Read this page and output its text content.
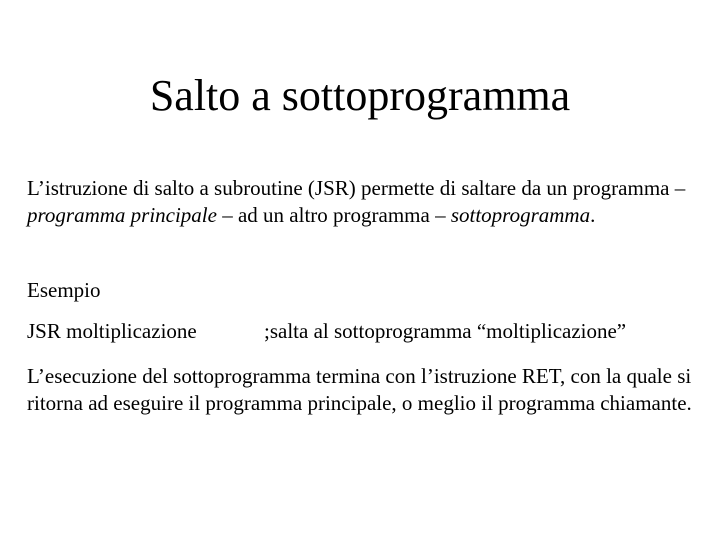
Salto a sottoprogramma

L’istruzione di salto a subroutine (JSR) permette di saltare da un programma – programma principale – ad un altro programma – sottoprogramma.

Esempio

JSR moltiplicazione	;salta al sottoprogramma “moltiplicazione”

L’esecuzione del sottoprogramma termina con l’istruzione RET, con la quale si ritorna ad eseguire il programma principale, o meglio il programma chiamante.
